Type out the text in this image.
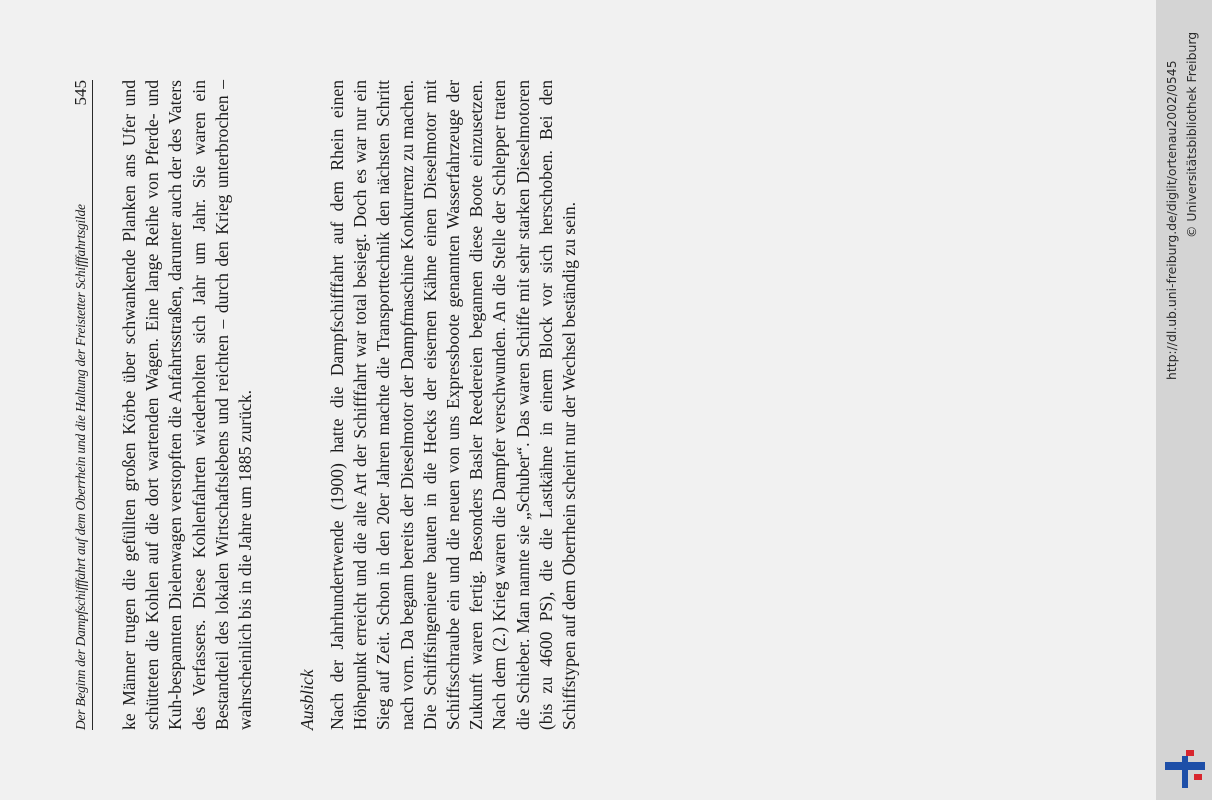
Der Beginn der Dampfschifffahrt auf dem Oberrhein und die Haltung der Freistetter Schifffahrtsgilde
545 ke Männer trugen die gefüllten großen Körbe über schwankende Planken ans Ufer und schütteten die Kohlen auf die dort wartenden Wagen. Eine lange Reihe von Pferde- und Kuh-bespannten Dielenwagen verstopften die Anfahrtsstraßen, darunter auch der des Vaters des Verfassers. Diese Kohlenfahrten wiederholten sich Jahr um Jahr. Sie waren ein Bestandteil des lokalen Wirtschaftslebens und reichten – durch den Krieg unterbrochen – wahrscheinlich bis in die Jahre um 1885 zurück. Ausblick Nach der Jahrhundertwende (1900) hatte die Dampfschifffahrt auf dem Rhein einen Höhepunkt erreicht und die alte Art der Schifffahrt war total besiegt. Doch es war nur ein Sieg auf Zeit. Schon in den 20er Jahren machte die Transporttechnik den nächsten Schritt nach vorn. Da begann bereits der Dieselmotor der Dampfmaschine Konkurrenz zu machen. Die Schiffsingenieure bauten in die Hecks der eisernen Kähne einen Dieselmotor mit Schiffsschraube ein und die neuen von uns Expressboote genannten Wasserfahrzeuge der Zukunft waren fertig. Besonders Basler Reedereien begannen diese Boote einzusetzen. Nach dem (2.) Krieg waren die Dampfer verschwunden. An die Stelle der Schlepper traten die Schieber. Man nannte sie „Schuber“. Das waren Schiffe mit sehr starken Dieselmotoren (bis zu 4600 PS), die die Lastkähne in einem Block vor sich herschoben. Bei den Schiffstypen auf dem Oberrhein scheint nur der Wechsel beständig zu sein.	http://dl.ub.uni-freiburg.de/diglit/ortenau2002/0545 © Universitätsbibliothek Freiburg
